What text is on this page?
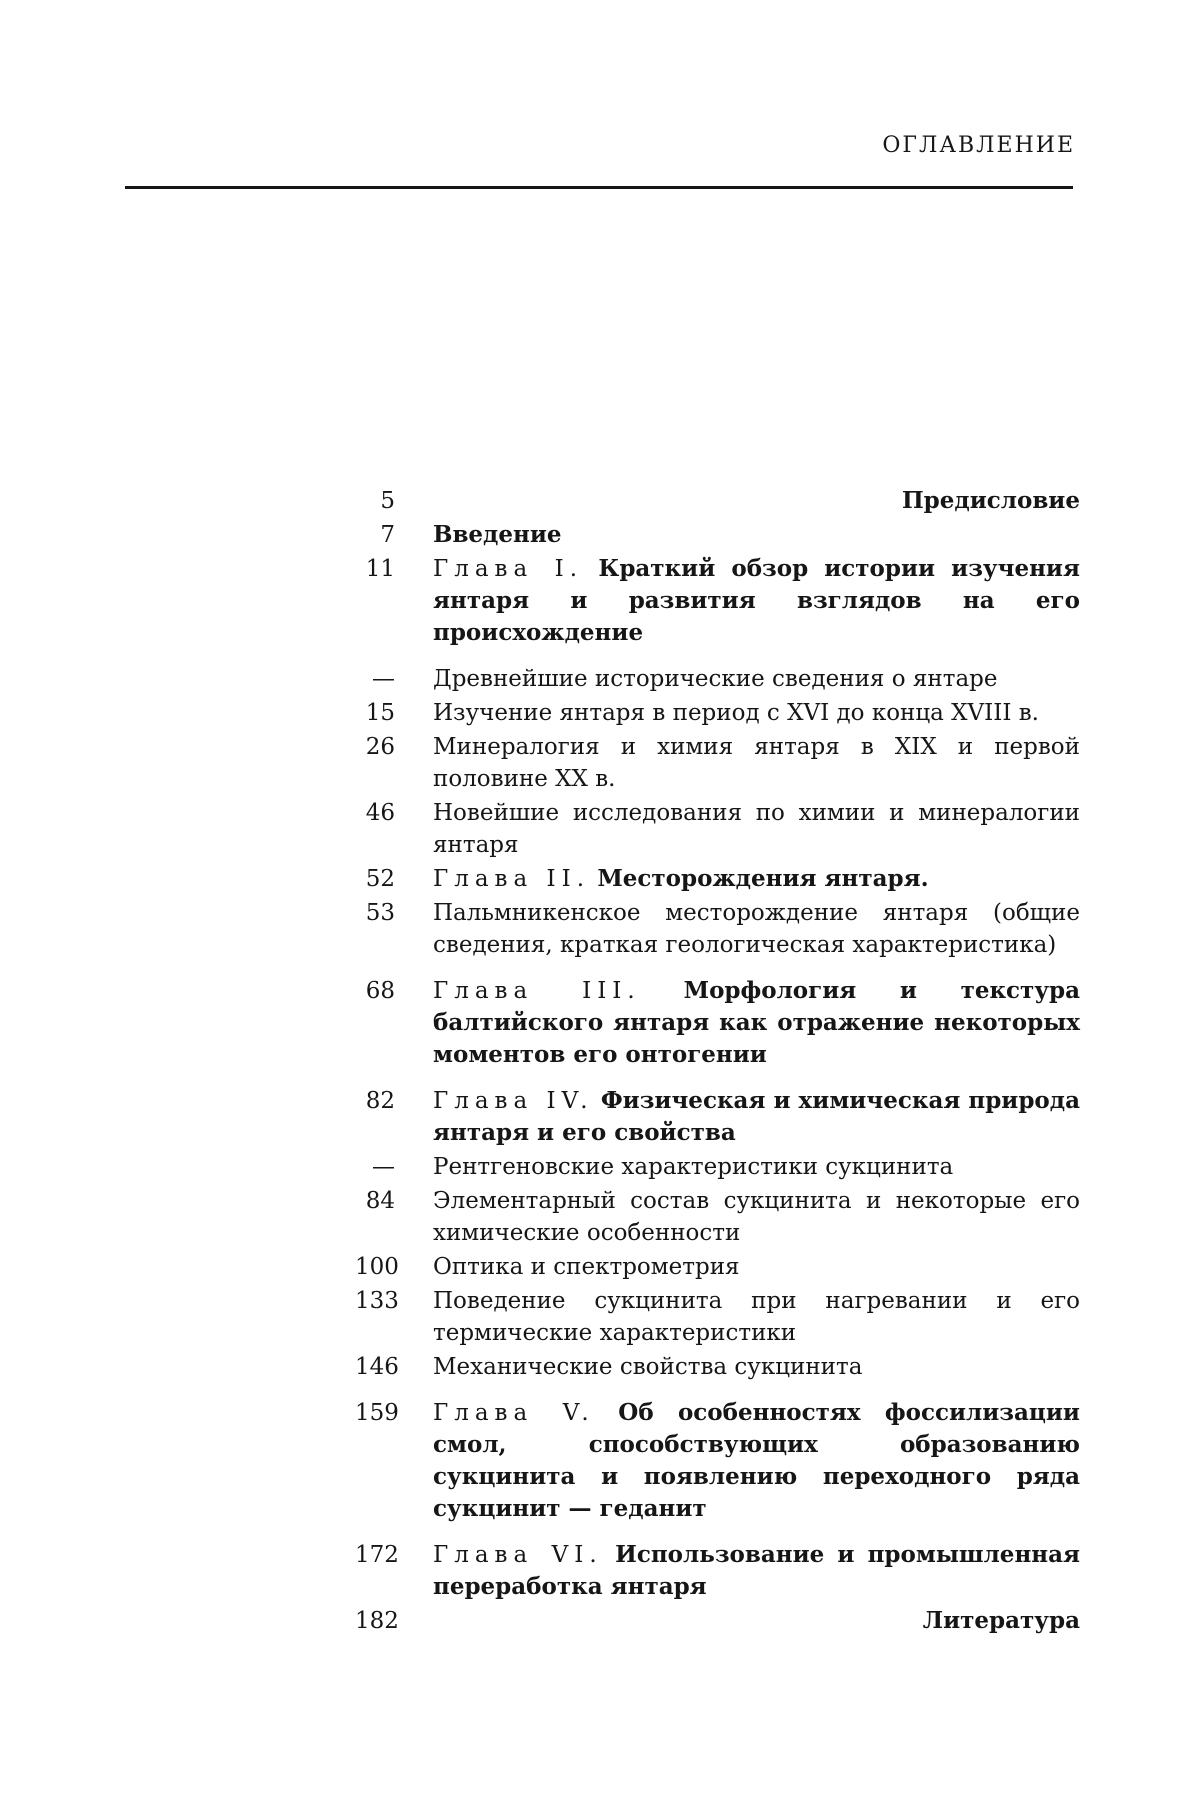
ОГЛАВЛЕНИЕ
5	Предисловие
7 Введение
11 Глава I. Краткий обзор истории изучения янтаря и развития взглядов на его происхождение
— Древнейшие исторические сведения о янтаре
15 Изучение янтаря в период с XVI до конца XVIII в.
26 Минералогия и химия янтаря в XIX и первой половине XX в.
46 Новейшие исследования по химии и минералогии янтаря
52 Глава II. Месторождения янтаря.
53 Пальмникенское месторождение янтаря (общие сведения, краткая геологическая характеристика)
68 Глава III. Морфология и текстура балтийского янтаря как отражение некоторых моментов его онтогении
82 Глава IV. Физическая и химическая природа янтаря и его свойства
— Рентгеновские характеристики сукцинита
84 Элементарный состав сукцинита и некоторые его химические особенности
100 Оптика и спектрометрия
133 Поведение сукцинита при нагревании и его термические характеристики
146 Механические свойства сукцинита
159 Глава V. Об особенностях фоссилизации смол, способствующих образованию сукцинита и появлению переходного ряда сукцинит — геданит
172 Глава VI. Использование и промышленная переработка янтаря
182	Литература
